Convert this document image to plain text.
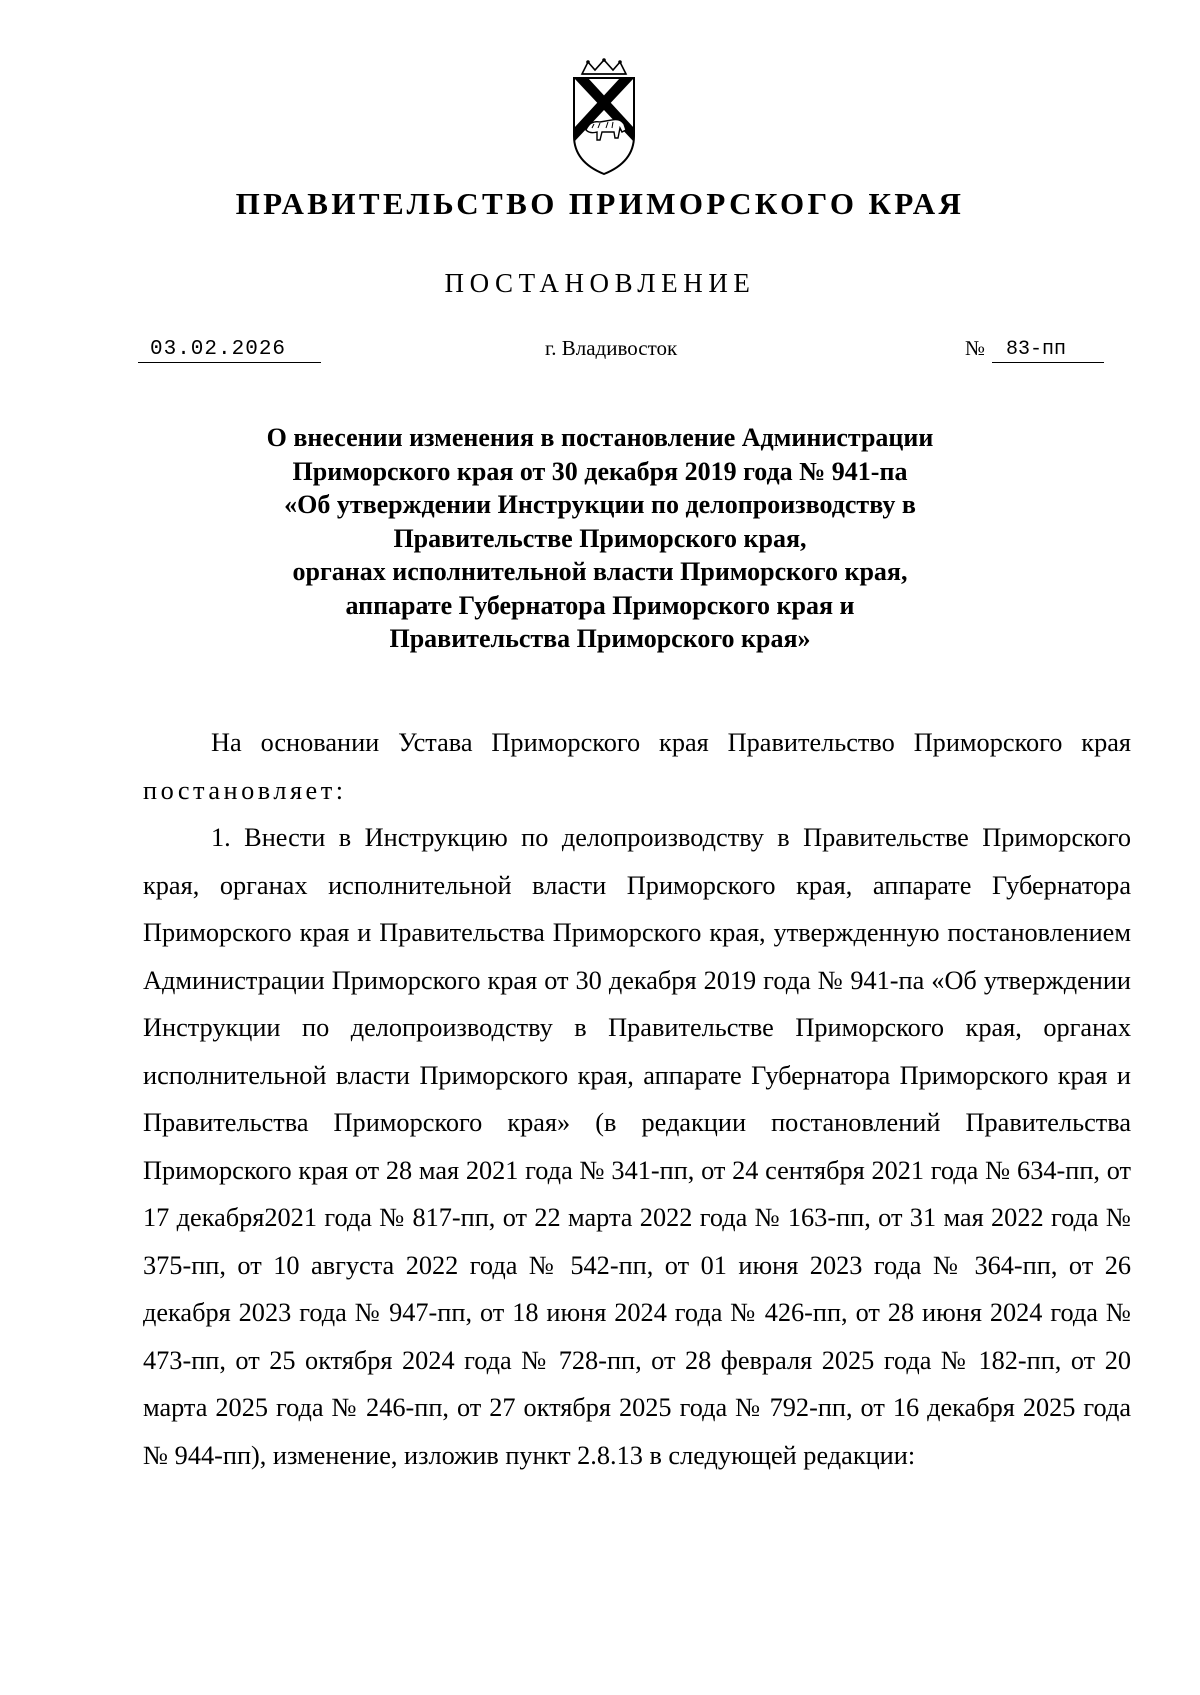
ПРАВИТЕЛЬСТВО ПРИМОРСКОГО КРАЯ
ПОСТАНОВЛЕНИЕ
03.02.2026	г. Владивосток	№	83-пп
О внесении изменения в постановление Администрации
Приморского края от 30 декабря 2019 года № 941-па
«Об утверждении Инструкции по делопроизводству в
Правительстве Приморского края,
органах исполнительной власти Приморского края,
аппарате Губернатора Приморского края и
Правительства Приморского края»

На основании Устава Приморского края Правительство Приморского края постановляет:

1. Внести в Инструкцию по делопроизводству в Правительстве Приморского края, органах исполнительной власти Приморского края, аппарате Губернатора Приморского края и Правительства Приморского края, утвержденную постановлением Администрации Приморского края от 30 декабря 2019 года № 941-па «Об утверждении Инструкции по делопроизводству в Правительстве Приморского края, органах исполнительной власти Приморского края, аппарате Губернатора Приморского края и Правительства Приморского края» (в редакции постановлений Правительства Приморского края от 28 мая 2021 года № 341-пп, от 24 сентября 2021 года № 634-пп, от 17 декабря2021 года № 817-пп, от 22 марта 2022 года № 163-пп, от 31 мая 2022 года № 375-пп, от 10 августа 2022 года № 542-пп, от 01 июня 2023 года № 364-пп, от 26 декабря 2023 года № 947-пп, от 18 июня 2024 года № 426-пп, от 28 июня 2024 года № 473-пп, от 25 октября 2024 года № 728-пп, от 28 февраля 2025 года № 182-пп, от 20 марта 2025 года № 246-пп, от 27 октября 2025 года № 792-пп, от 16 декабря 2025 года № 944-пп), изменение, изложив пункт 2.8.13 в следующей редакции:
